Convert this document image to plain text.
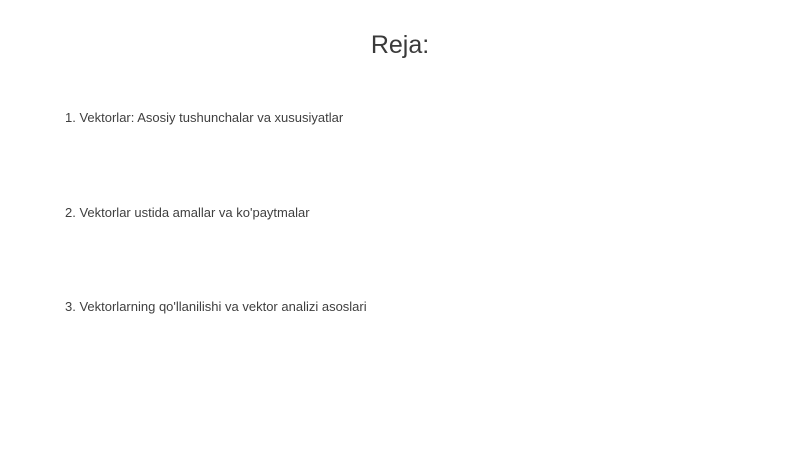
Reja:
1. Vektorlar: Asosiy tushunchalar va xususiyatlar
2. Vektorlar ustida amallar va ko'paytmalar
3. Vektorlarning qo'llanilishi va vektor analizi asoslari
